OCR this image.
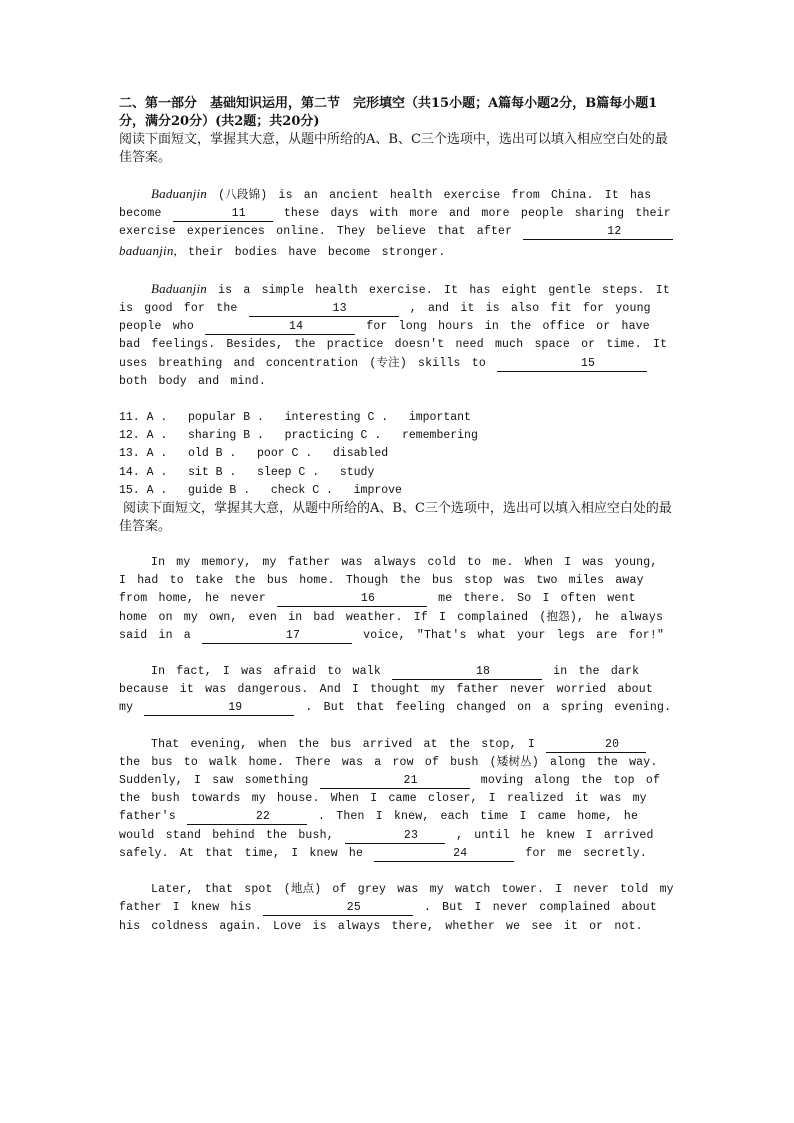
二、第一部分　基础知识运用，第二节　完形填空（共15小题；A篇每小题2分，B篇每小题1分，满分20分）(共2题；共20分)

阅读下面短文，掌握其大意，从题中所给的A、B、C三个选项中，选出可以填入相应空白处的最佳答案。

Baduanjin (八段锦) is an ancient health exercise from China. It has become	11	these days with more and more people sharing their exercise experiences online. They believe that after	12 baduanjin, their bodies have become stronger.

Baduanjin is a simple health exercise. It has eight gentle steps. It is good for the	13	, and it is also fit for young people who	14	for long hours in the office or have bad feelings. Besides, the practice doesn't need much space or time. It uses breathing and concentration (专注) skills to	15 both body and mind.

11. A .   popular B .   interesting C .   important
12. A .   sharing B .   practicing C .   remembering
13. A .   old B .   poor C .   disabled
14. A .   sit B .   sleep C .   study
15. A .   guide B .   check C .   improve

阅读下面短文，掌握其大意，从题中所给的A、B、C三个选项中，选出可以填入相应空白处的最佳答案。

In my memory, my father was always cold to me. When I was young, I had to take the bus home. Though the bus stop was two miles away from home, he never	16	me there. So I often went home on my own, even in bad weather. If I complained (抱怨), he always said in a	17	voice, "That's what your legs are for!"

In fact, I was afraid to walk	18	in the dark because it was dangerous. And I thought my father never worried about my	19	. But that feeling changed on a spring evening.

That evening, when the bus arrived at the stop, I	20 the bus to walk home. There was a row of bush (矮树丛) along the way. Suddenly, I saw something	21	moving along the top of the bush towards my house. When I came closer, I realized it was my father's	22	. Then I knew, each time I came home, he would stand behind the bush,	23	, until he knew I arrived safely. At that time, I knew he	24	for me secretly.

Later, that spot (地点) of grey was my watch tower. I never told my father I knew his	25	. But I never complained about his coldness again. Love is always there, whether we see it or not.
